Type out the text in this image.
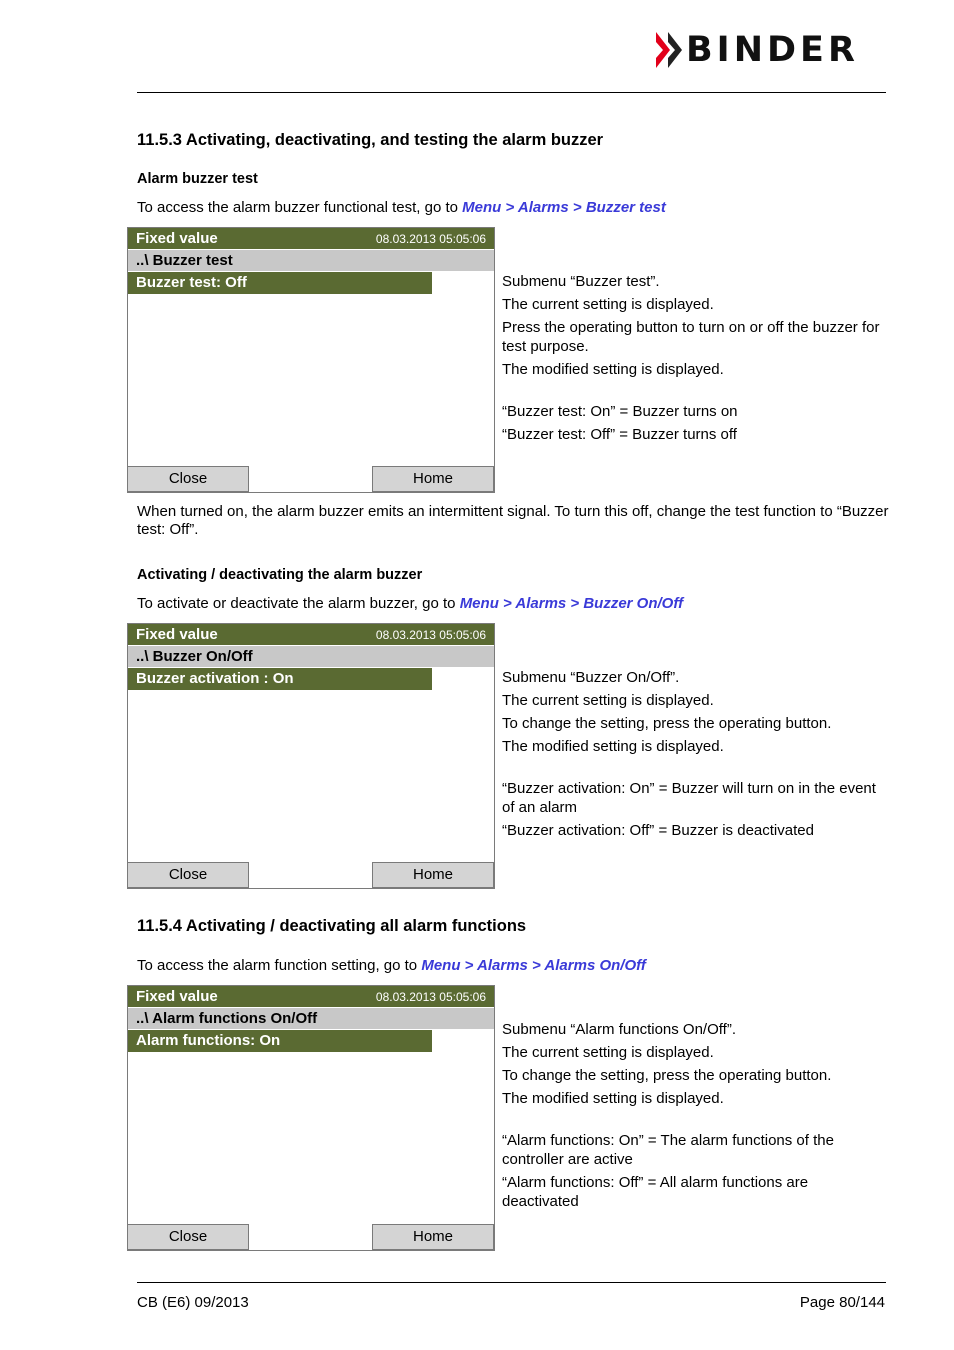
BINDER
11.5.3 Activating, deactivating, and testing the alarm buzzer
Alarm buzzer test
To access the alarm buzzer functional test, go to Menu > Alarms > Buzzer test
Fixed value	08.03.2013 05:05:06
..\ Buzzer test
Buzzer test: Off
Close	Home

Submenu “Buzzer test”.

The current setting is displayed.

Press the operating button to turn on or off the buzzer for test purpose.

The modified setting is displayed.

“Buzzer test: On” = Buzzer turns on

“Buzzer test: Off” = Buzzer turns off

When turned on, the alarm buzzer emits an intermittent signal. To turn this off, change the test function to “Buzzer test: Off”.
Activating / deactivating the alarm buzzer
To activate or deactivate the alarm buzzer, go to Menu > Alarms > Buzzer On/Off
Fixed value	08.03.2013 05:05:06
..\ Buzzer On/Off
Buzzer activation : On
Close	Home

Submenu “Buzzer On/Off”.

The current setting is displayed.

To change the setting, press the operating button.

The modified setting is displayed.

“Buzzer activation: On” = Buzzer will turn on in the event of an alarm

“Buzzer activation: Off” = Buzzer is deactivated

11.5.4 Activating / deactivating all alarm functions
To access the alarm function setting, go to Menu > Alarms > Alarms On/Off
Fixed value	08.03.2013 05:05:06
..\ Alarm functions On/Off
Alarm functions: On
Close	Home

Submenu “Alarm functions On/Off”.

The current setting is displayed.

To change the setting, press the operating button.

The modified setting is displayed.

“Alarm functions: On” = The alarm functions of the controller are active

“Alarm functions: Off” = All alarm functions are deactivated

CB (E6) 09/2013	Page 80/144
